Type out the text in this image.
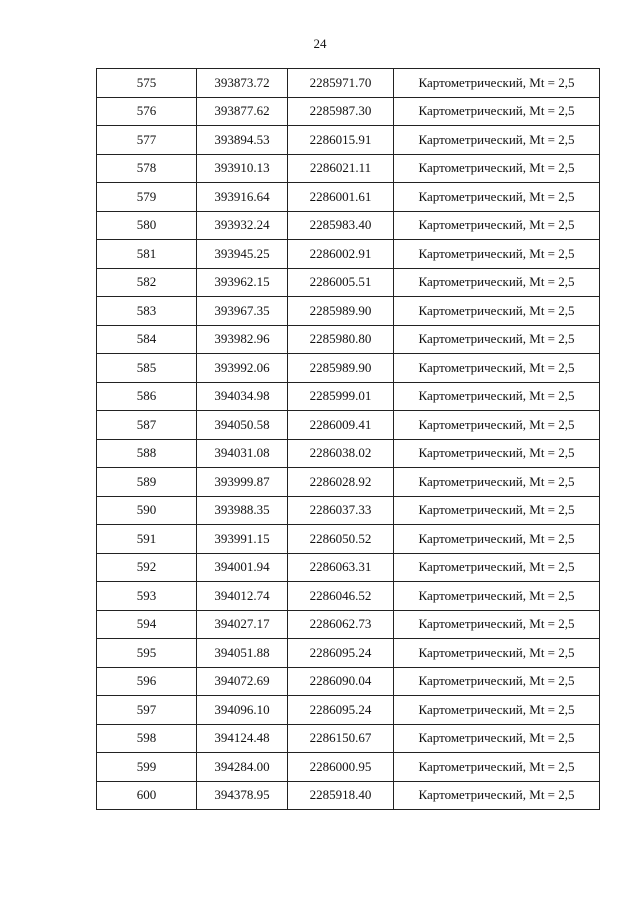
24
575	393873.72	2285971.70	Картометрический, Mt = 2,5
576	393877.62	2285987.30	Картометрический, Mt = 2,5
577	393894.53	2286015.91	Картометрический, Mt = 2,5
578	393910.13	2286021.11	Картометрический, Mt = 2,5
579	393916.64	2286001.61	Картометрический, Mt = 2,5
580	393932.24	2285983.40	Картометрический, Mt = 2,5
581	393945.25	2286002.91	Картометрический, Mt = 2,5
582	393962.15	2286005.51	Картометрический, Mt = 2,5
583	393967.35	2285989.90	Картометрический, Mt = 2,5
584	393982.96	2285980.80	Картометрический, Mt = 2,5
585	393992.06	2285989.90	Картометрический, Mt = 2,5
586	394034.98	2285999.01	Картометрический, Mt = 2,5
587	394050.58	2286009.41	Картометрический, Mt = 2,5
588	394031.08	2286038.02	Картометрический, Mt = 2,5
589	393999.87	2286028.92	Картометрический, Mt = 2,5
590	393988.35	2286037.33	Картометрический, Mt = 2,5
591	393991.15	2286050.52	Картометрический, Mt = 2,5
592	394001.94	2286063.31	Картометрический, Mt = 2,5
593	394012.74	2286046.52	Картометрический, Mt = 2,5
594	394027.17	2286062.73	Картометрический, Mt = 2,5
595	394051.88	2286095.24	Картометрический, Mt = 2,5
596	394072.69	2286090.04	Картометрический, Mt = 2,5
597	394096.10	2286095.24	Картометрический, Mt = 2,5
598	394124.48	2286150.67	Картометрический, Mt = 2,5
599	394284.00	2286000.95	Картометрический, Mt = 2,5
600	394378.95	2285918.40	Картометрический, Mt = 2,5
